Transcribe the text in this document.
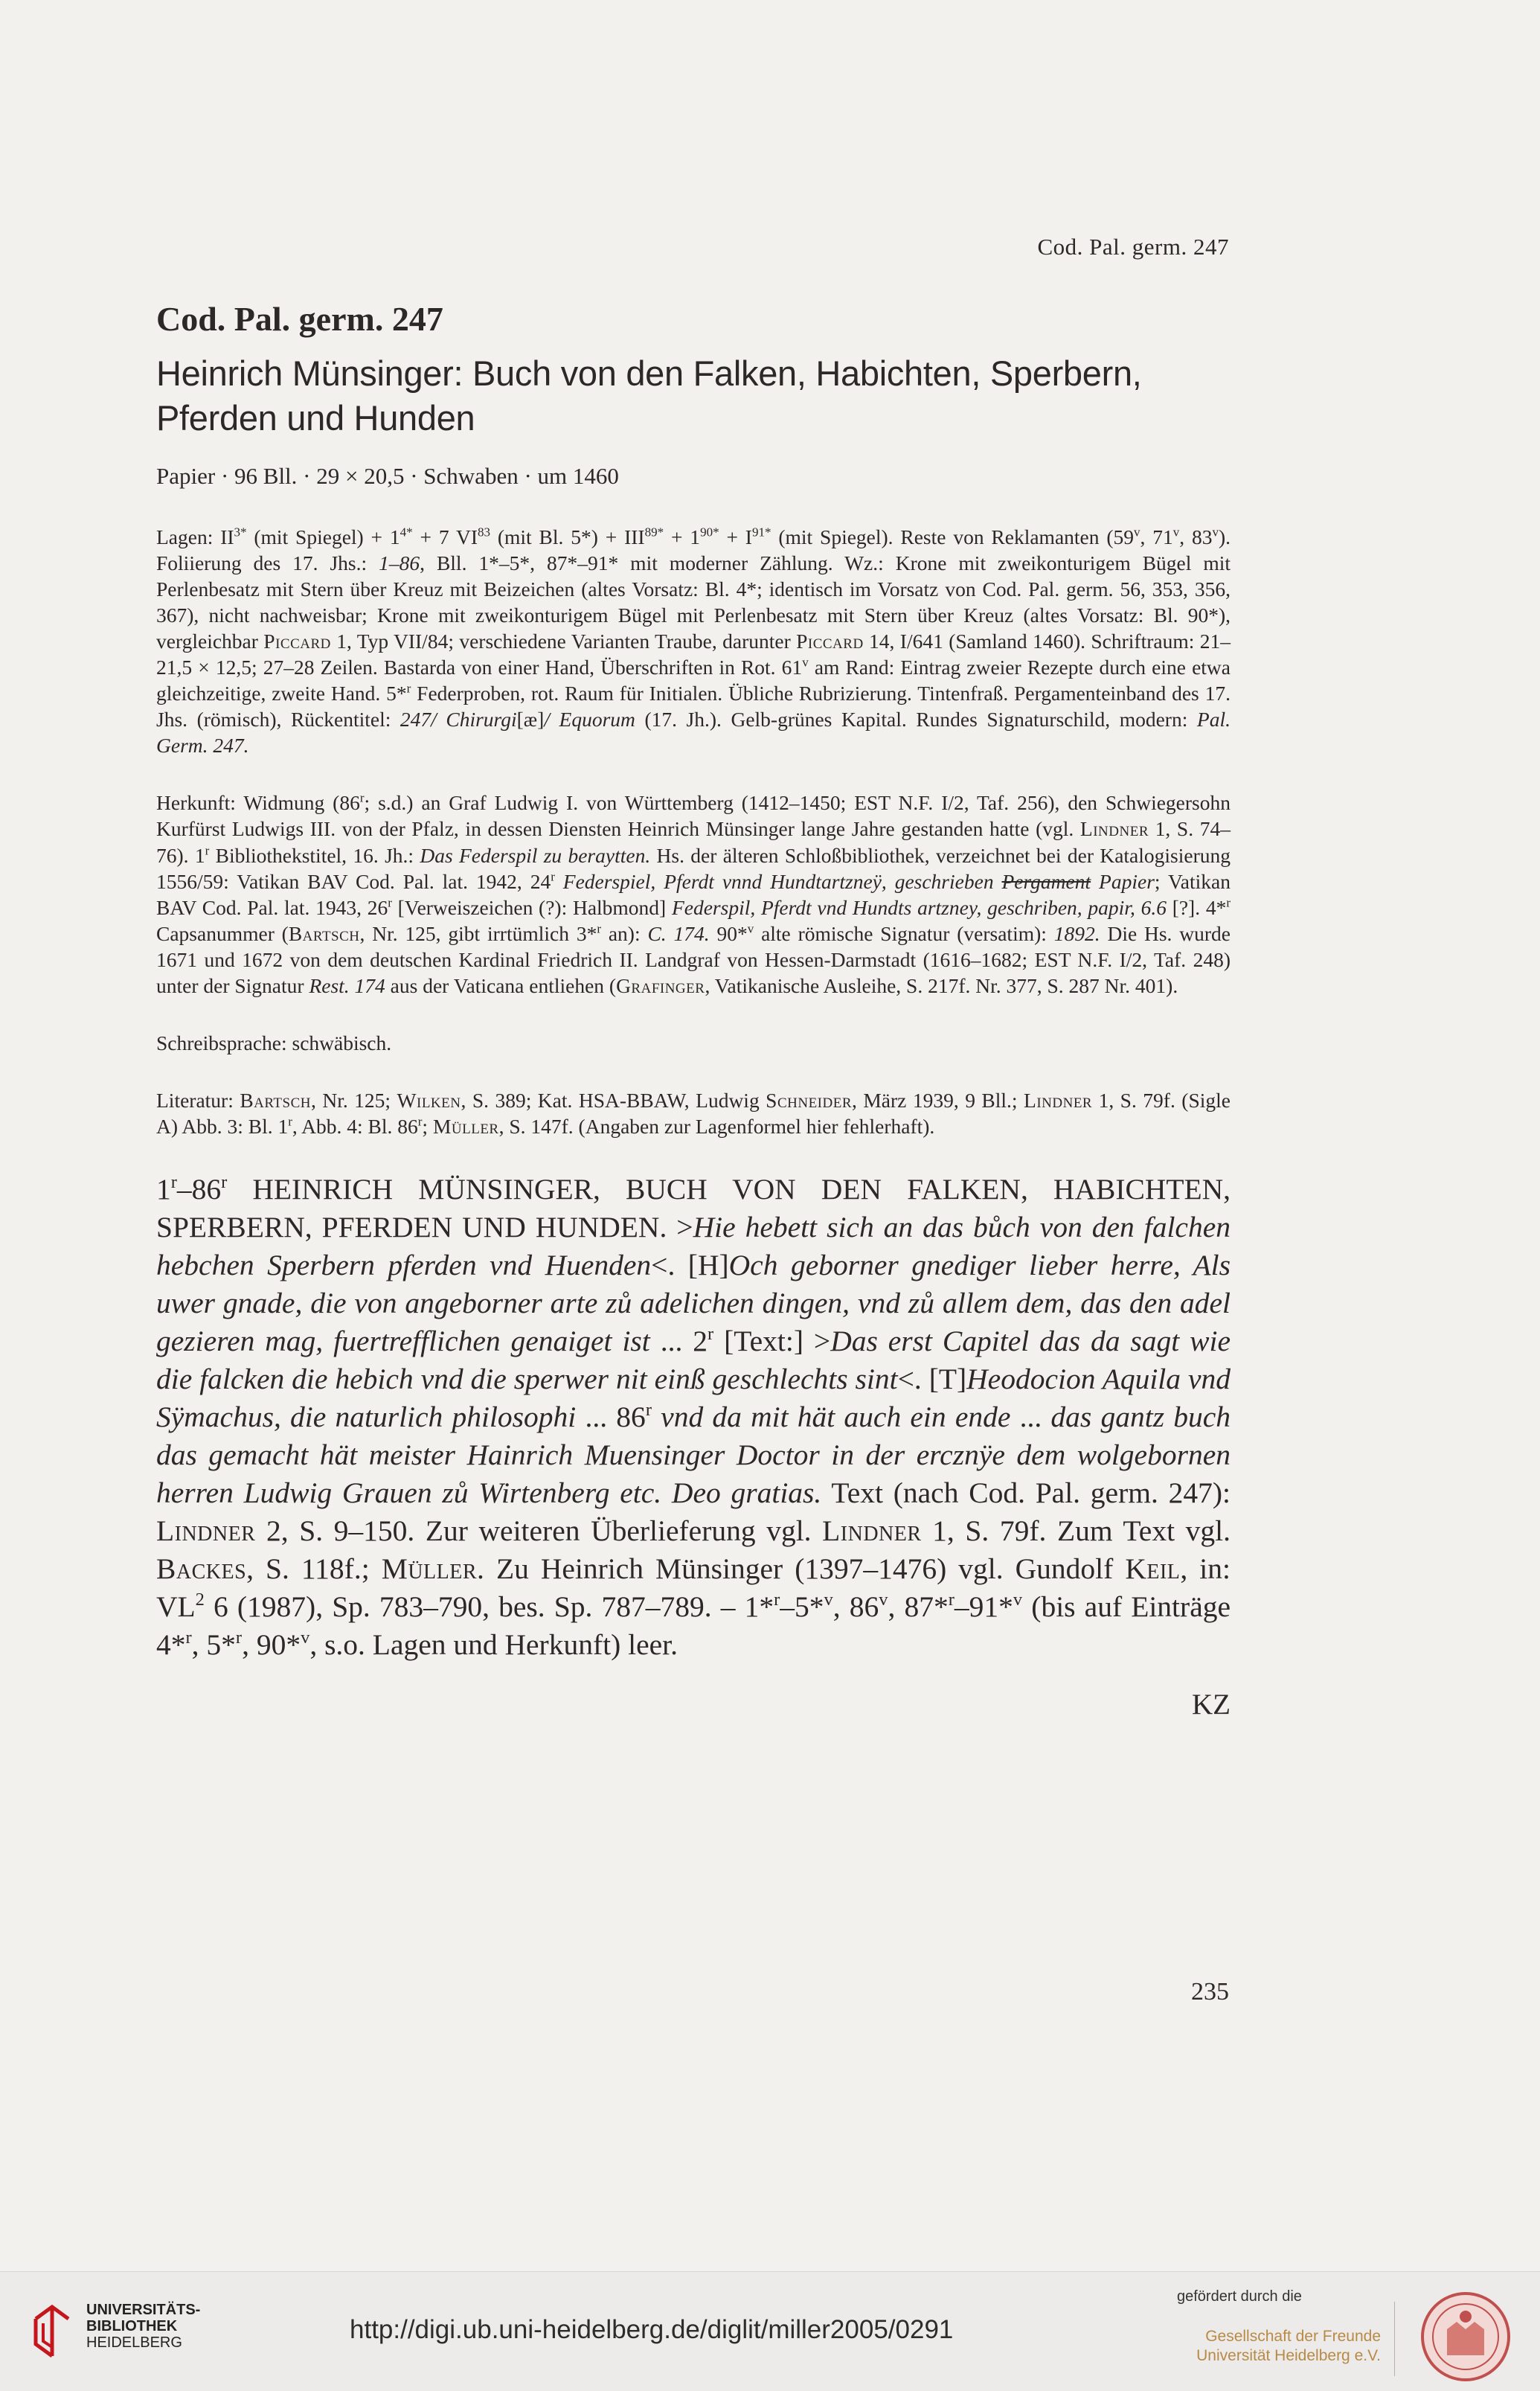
Cod. Pal. germ. 247
Cod. Pal. germ. 247
Heinrich Münsinger: Buch von den Falken, Habichten, Sperbern, Pferden und Hunden

Papier · 96 Bll. · 29 × 20,5 · Schwaben · um 1460

Lagen: $II^{3*}$ (mit Spiegel) + $1^{4*} + 7$ VI$^{83}$ (mit Bl. $5*) + III^{89*} + 1^{90*} + I^{91*}$ (mit Spiegel). Reste von Reklamanten (59$^v$, 71$^v$, 83$^v$). Foliierung des 17. Jhs.: 1–86, Bll. 1*–5*, 87*–91* mit moderner Zählung. Wz.: Krone mit zweikonturigem Bügel mit Perlenbesatz mit Stern über Kreuz mit Beizeichen (altes Vorsatz: Bl. 4*; identisch im Vorsatz von Cod. Pal. germ. 56, 353, 356, 367), nicht nachweisbar; Krone mit zweikonturigem Bügel mit Perlenbesatz mit Stern über Kreuz (altes Vorsatz: Bl. 90*), vergleichbar Piccard 1, Typ VII/84; verschiedene Varianten Traube, darunter Piccard 14, I/641 (Samland 1460). Schriftraum: 21–21,5 × 12,5; 27–28 Zeilen. Bastarda von einer Hand, Überschriften in Rot. 61$^v$ am Rand: Eintrag zweier Rezepte durch eine etwa gleichzeitige, zweite Hand. 5*$^r$ Federproben, rot. Raum für Initialen. Übliche Rubrizierung. Tintenfraß. Pergamenteinband des 17. Jhs. (römisch), Rückentitel: 247/ Chirurgi[æ]/ Equorum (17. Jh.). Gelb-grünes Kapital. Rundes Signaturschild, modern: Pal. Germ. 247.

Herkunft: Widmung (86$^r$; s.d.) an Graf Ludwig I. von Württemberg (1412–1450; EST N.F. I/2, Taf. 256), den Schwiegersohn Kurfürst Ludwigs III. von der Pfalz, in dessen Diensten Heinrich Münsinger lange Jahre gestanden hatte (vgl. Lindner 1, S. 74–76). 1$^r$ Bibliothekstitel, 16. Jh.: Das Federspil zu beraytten. Hs. der älteren Schloßbibliothek, verzeichnet bei der Katalogisierung 1556/59: Vatikan BAV Cod. Pal. lat. 1942, 24$^r$ Federspiel, Pferdt vnnd Hundtartzneÿ, geschrieben Pergament Papier; Vatikan BAV Cod. Pal. lat. 1943, 26$^r$ [Verweiszeichen (?): Halbmond] Federspil, Pferdt vnd Hundts artzney, geschriben, papir, 6.6 [?]. 4*$^r$ Capsanummer (Bartsch, Nr. 125, gibt irrtümlich 3*$^r$ an): C. 174. 90*$^v$ alte römische Signatur (versatim): 1892. Die Hs. wurde 1671 und 1672 von dem deutschen Kardinal Friedrich II. Landgraf von Hessen-Darmstadt (1616–1682; EST N.F. I/2, Taf. 248) unter der Signatur Rest. 174 aus der Vaticana entliehen (Grafinger, Vatikanische Ausleihe, S. 217f. Nr. 377, S. 287 Nr. 401).

Schreibsprache: schwäbisch.

Literatur: Bartsch, Nr. 125; Wilken, S. 389; Kat. HSA-BBAW, Ludwig Schneider, März 1939, 9 Bll.; Lindner 1, S. 79f. (Sigle A) Abb. 3: Bl. 1$^r$, Abb. 4: Bl. 86$^r$; Müller, S. 147f. (Angaben zur Lagenformel hier fehlerhaft).

1$^r$–86$^r$ HEINRICH MÜNSINGER, BUCH VON DEN FALKEN, HABICHTEN, SPERBERN, PFERDEN UND HUNDEN. >Hie hebett sich an das bůch von den falchen hebchen Sperbern pferden vnd Huenden<. [H]Och geborner gnediger lieber herre, Als uwer gnade, die von angeborner arte zů adelichen dingen, vnd zů allem dem, das den adel gezieren mag, fuertrefflichen genaiget ist ... 2$^r$ [Text:] >Das erst Capitel das da sagt wie die falcken die hebich vnd die sperwer nit einß geschlechts sint<. [T]Heodocion Aquila vnd Sÿmachus, die naturlich philosophi ... 86$^r$ vnd da mit hät auch ein ende ... das gantz buch das gemacht hät meister Hainrich Muensinger Doctor in der ercznÿe dem wolgebornen herren Ludwig Grauen zů Wirtenberg etc. Deo gratias. Text (nach Cod. Pal. germ. 247): Lindner 2, S. 9–150. Zur weiteren Überlieferung vgl. Lindner 1, S. 79f. Zum Text vgl. Backes, S. 118f.; Müller. Zu Heinrich Münsinger (1397–1476) vgl. Gundolf Keil, in: $VL^2$ 6 (1987), Sp. 783–790, bes. Sp. 787–789. – 1*$^r$–5*$^v$, 86$^v$, 87*$^r$–91*$^v$ (bis auf Einträge 4*$^r$, 5*$^r$, 90*$^v$, s.o. Lagen und Herkunft) leer.

KZ

235
UNIVERSITÄTS-
BIBLIOTHEK
HEIDELBERG	http://digi.ub.uni-heidelberg.de/diglit/miller2005/0291
gefördert durch die
Gesellschaft der Freunde
Universität Heidelberg e.V.
